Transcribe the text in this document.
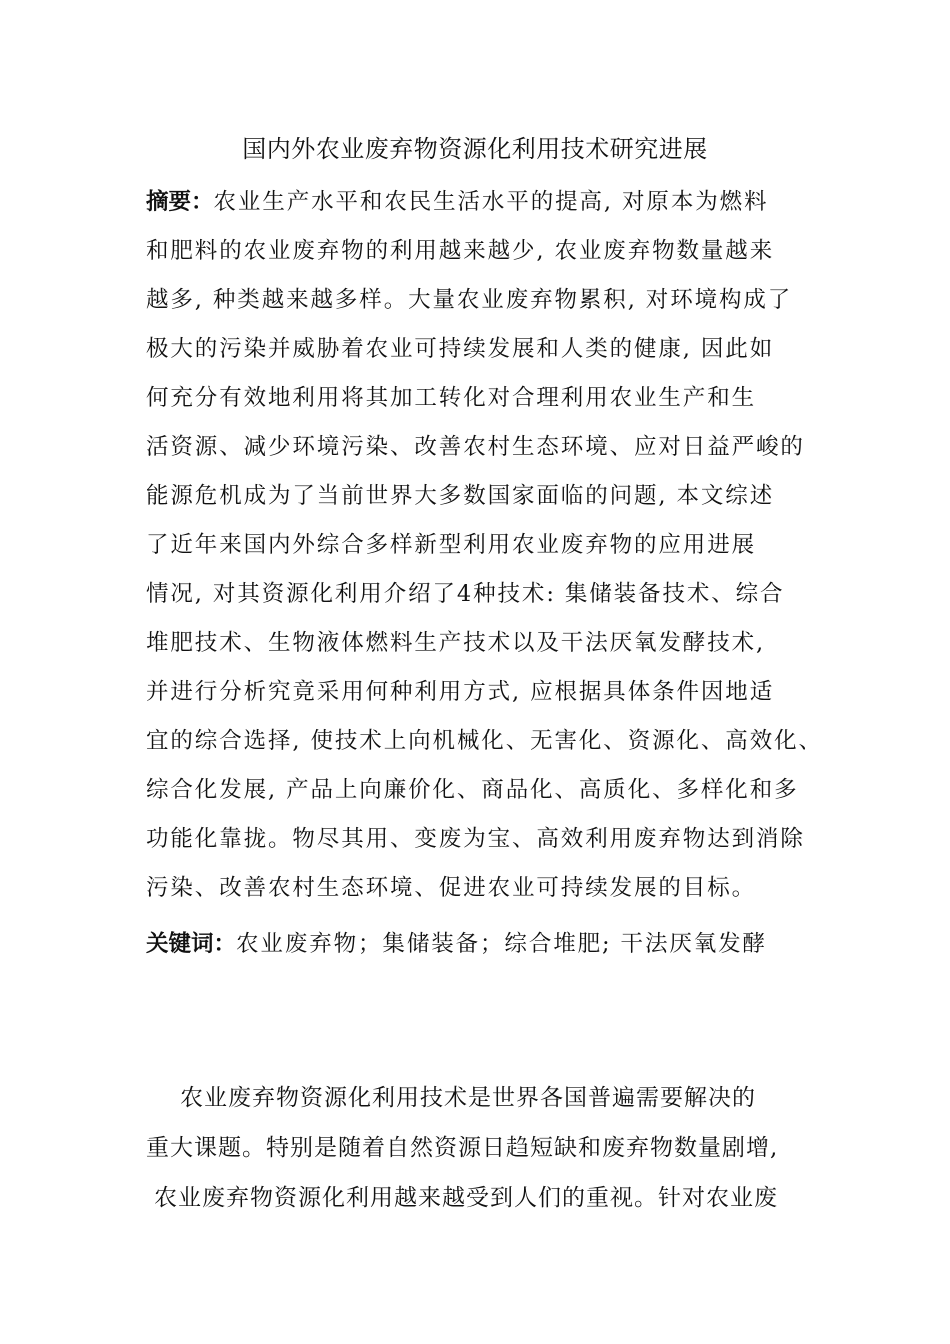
国内外农业废弃物资源化利用技术研究进展
摘要：农业生产水平和农民生活水平的提高, 对原本为燃料
和肥料的农业废弃物的利用越来越少, 农业废弃物数量越来
越多, 种类越来越多样。大量农业废弃物累积, 对环境构成了
极大的污染并威胁着农业可持续发展和人类的健康, 因此如
何充分有效地利用将其加工转化对合理利用农业生产和生
活资源、减少环境污染、改善农村生态环境、应对日益严峻的
能源危机成为了当前世界大多数国家面临的问题, 本文综述
了近年来国内外综合多样新型利用农业废弃物的应用进展
情况, 对其资源化利用介绍了4种技术: 集储装备技术、综合
堆肥技术、生物液体燃料生产技术以及干法厌氧发酵技术,
并进行分析究竟采用何种利用方式, 应根据具体条件因地适
宜的综合选择, 使技术上向机械化、无害化、资源化、高效化、
综合化发展, 产品上向廉价化、商品化、高质化、多样化和多
功能化靠拢。物尽其用、变废为宝、高效利用废弃物达到消除
污染、改善农村生态环境、促进农业可持续发展的目标。
关键词：农业废弃物；集储装备；综合堆肥; 干法厌氧发酵
农业废弃物资源化利用技术是世界各国普遍需要解决的
重大课题。特别是随着自然资源日趋短缺和废弃物数量剧增,
农业废弃物资源化利用越来越受到人们的重视。针对农业废
